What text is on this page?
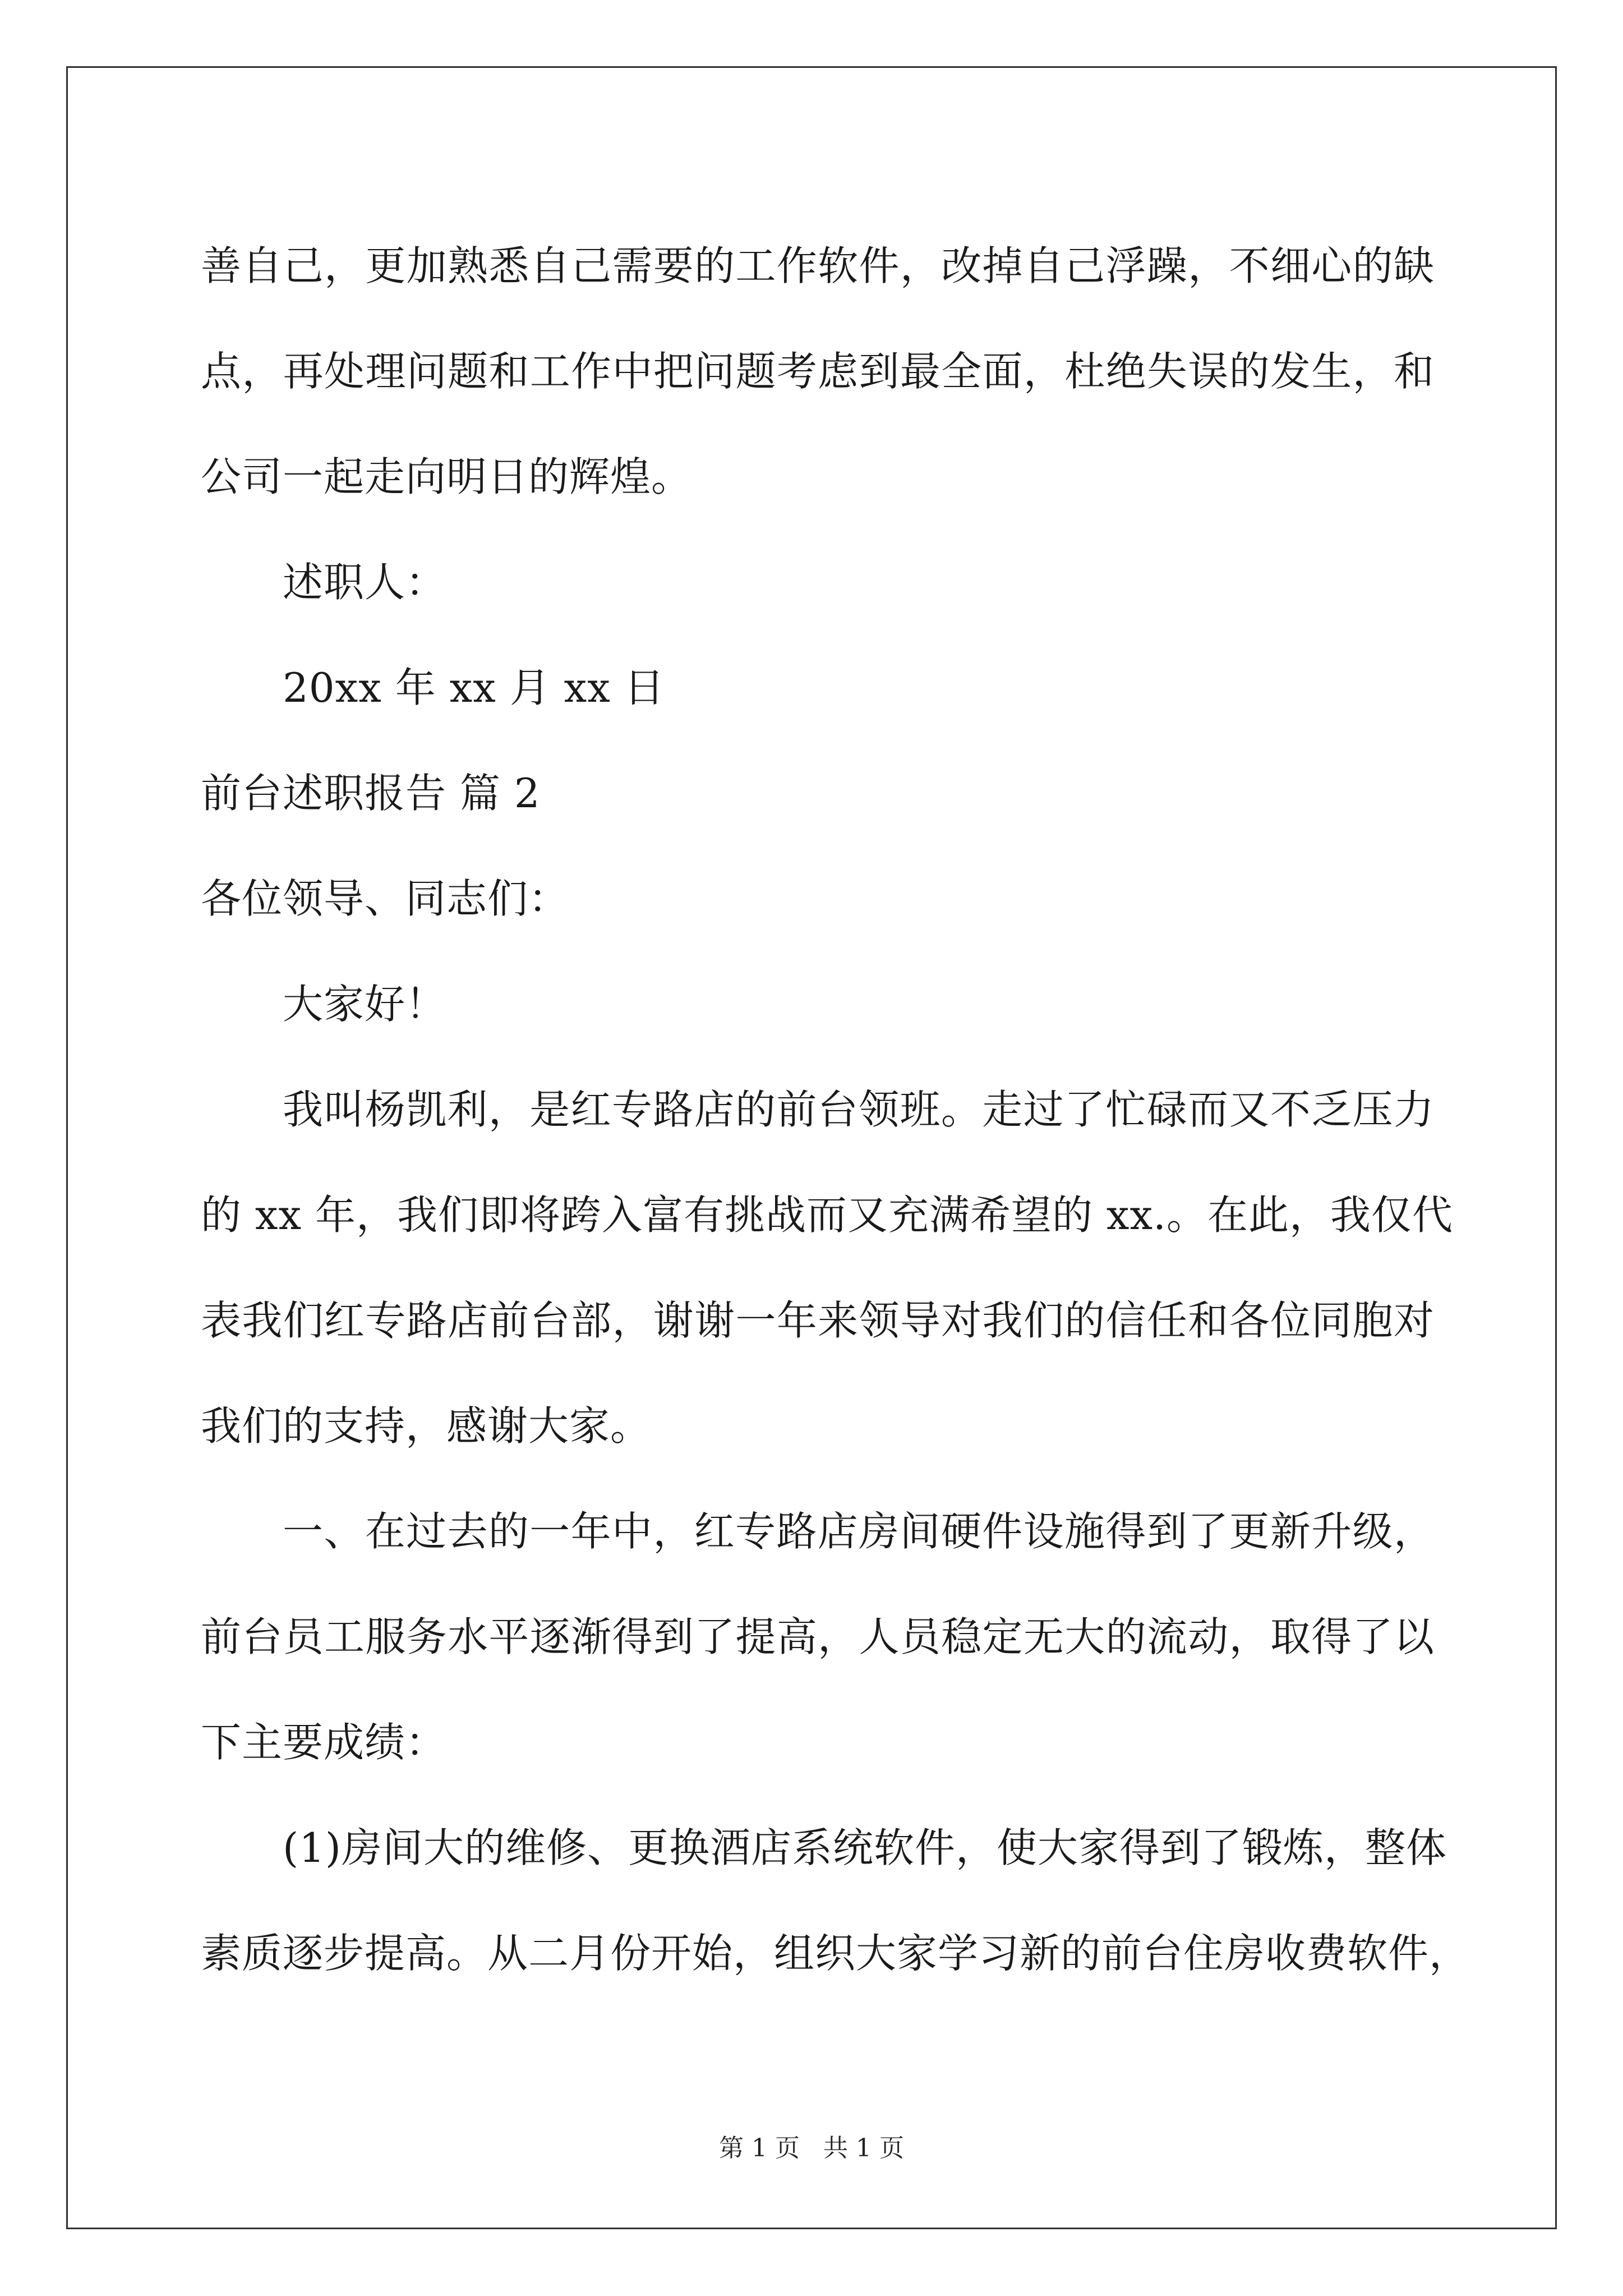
善自己，更加熟悉自己需要的工作软件，改掉自己浮躁，不细心的缺
点，再处理问题和工作中把问题考虑到最全面，杜绝失误的发生，和
公司一起走向明日的辉煌。
述职人：
20xx 年 xx 月 xx 日
前台述职报告 篇 2
各位领导、同志们：
大家好！
我叫杨凯利，是红专路店的前台领班。走过了忙碌而又不乏压力
的 xx 年，我们即将跨入富有挑战而又充满希望的 xx.。在此，我仅代
表我们红专路店前台部，谢谢一年来领导对我们的信任和各位同胞对
我们的支持，感谢大家。
一、在过去的一年中，红专路店房间硬件设施得到了更新升级，
前台员工服务水平逐渐得到了提高，人员稳定无大的流动，取得了以
下主要成绩：
(1)房间大的维修、更换酒店系统软件，使大家得到了锻炼，整体
素质逐步提高。从二月份开始，组织大家学习新的前台住房收费软件，
第 1 页   共 1 页
